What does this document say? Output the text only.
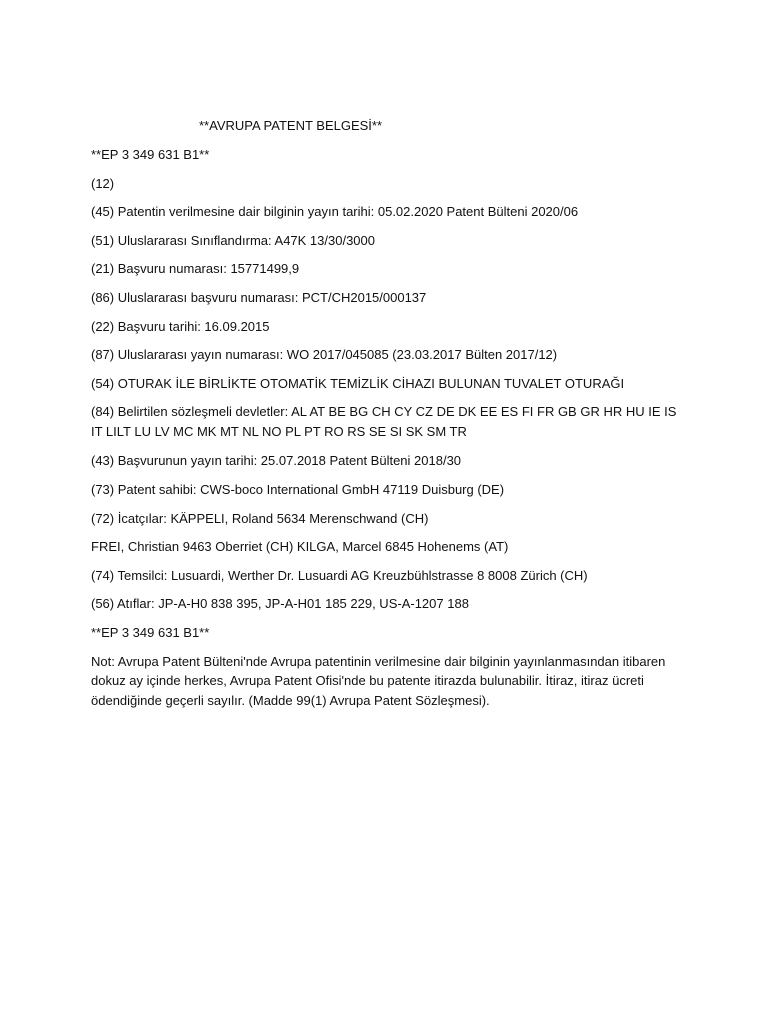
**AVRUPA PATENT BELGESİ**
**EP 3 349 631 B1**
(12)
(45) Patentin verilmesine dair bilginin yayın tarihi: 05.02.2020 Patent Bülteni 2020/06
(51) Uluslararası Sınıflandırma: A47K 13/30/3000
(21) Başvuru numarası: 15771499,9
(86) Uluslararası başvuru numarası: PCT/CH2015/000137
(22) Başvuru tarihi: 16.09.2015
(87) Uluslararası yayın numarası: WO 2017/045085 (23.03.2017 Bülten 2017/12)
(54) OTURAK İLE BİRLİKTE OTOMATİK TEMİZLİK CİHAZI BULUNAN TUVALET OTURAĞI
(84) Belirtilen sözleşmeli devletler: AL AT BE BG CH CY CZ DE DK EE ES FI FR GB GR HR HU IE IS IT LILT LU LV MC MK MT NL NO PL PT RO RS SE SI SK SM TR
(43) Başvurunun yayın tarihi: 25.07.2018 Patent Bülteni 2018/30
(73) Patent sahibi: CWS-boco International GmbH 47119 Duisburg (DE)
(72) İcatçılar: KÄPPELI, Roland 5634 Merenschwand (CH)
FREI, Christian 9463 Oberriet (CH) KILGA, Marcel 6845 Hohenems (AT)
(74) Temsilci: Lusuardi, Werther Dr. Lusuardi AG Kreuzbühlstrasse 8 8008 Zürich (CH)
(56) Atıflar: JP-A-H0 838 395, JP-A-H01 185 229, US-A-1207 188
**EP 3 349 631 B1**
Not: Avrupa Patent Bülteni'nde Avrupa patentinin verilmesine dair bilginin yayınlanmasından itibaren dokuz ay içinde herkes, Avrupa Patent Ofisi'nde bu patente itirazda bulunabilir. İtiraz, itiraz ücreti ödendiğinde geçerli sayılır. (Madde 99(1) Avrupa Patent Sözleşmesi).
